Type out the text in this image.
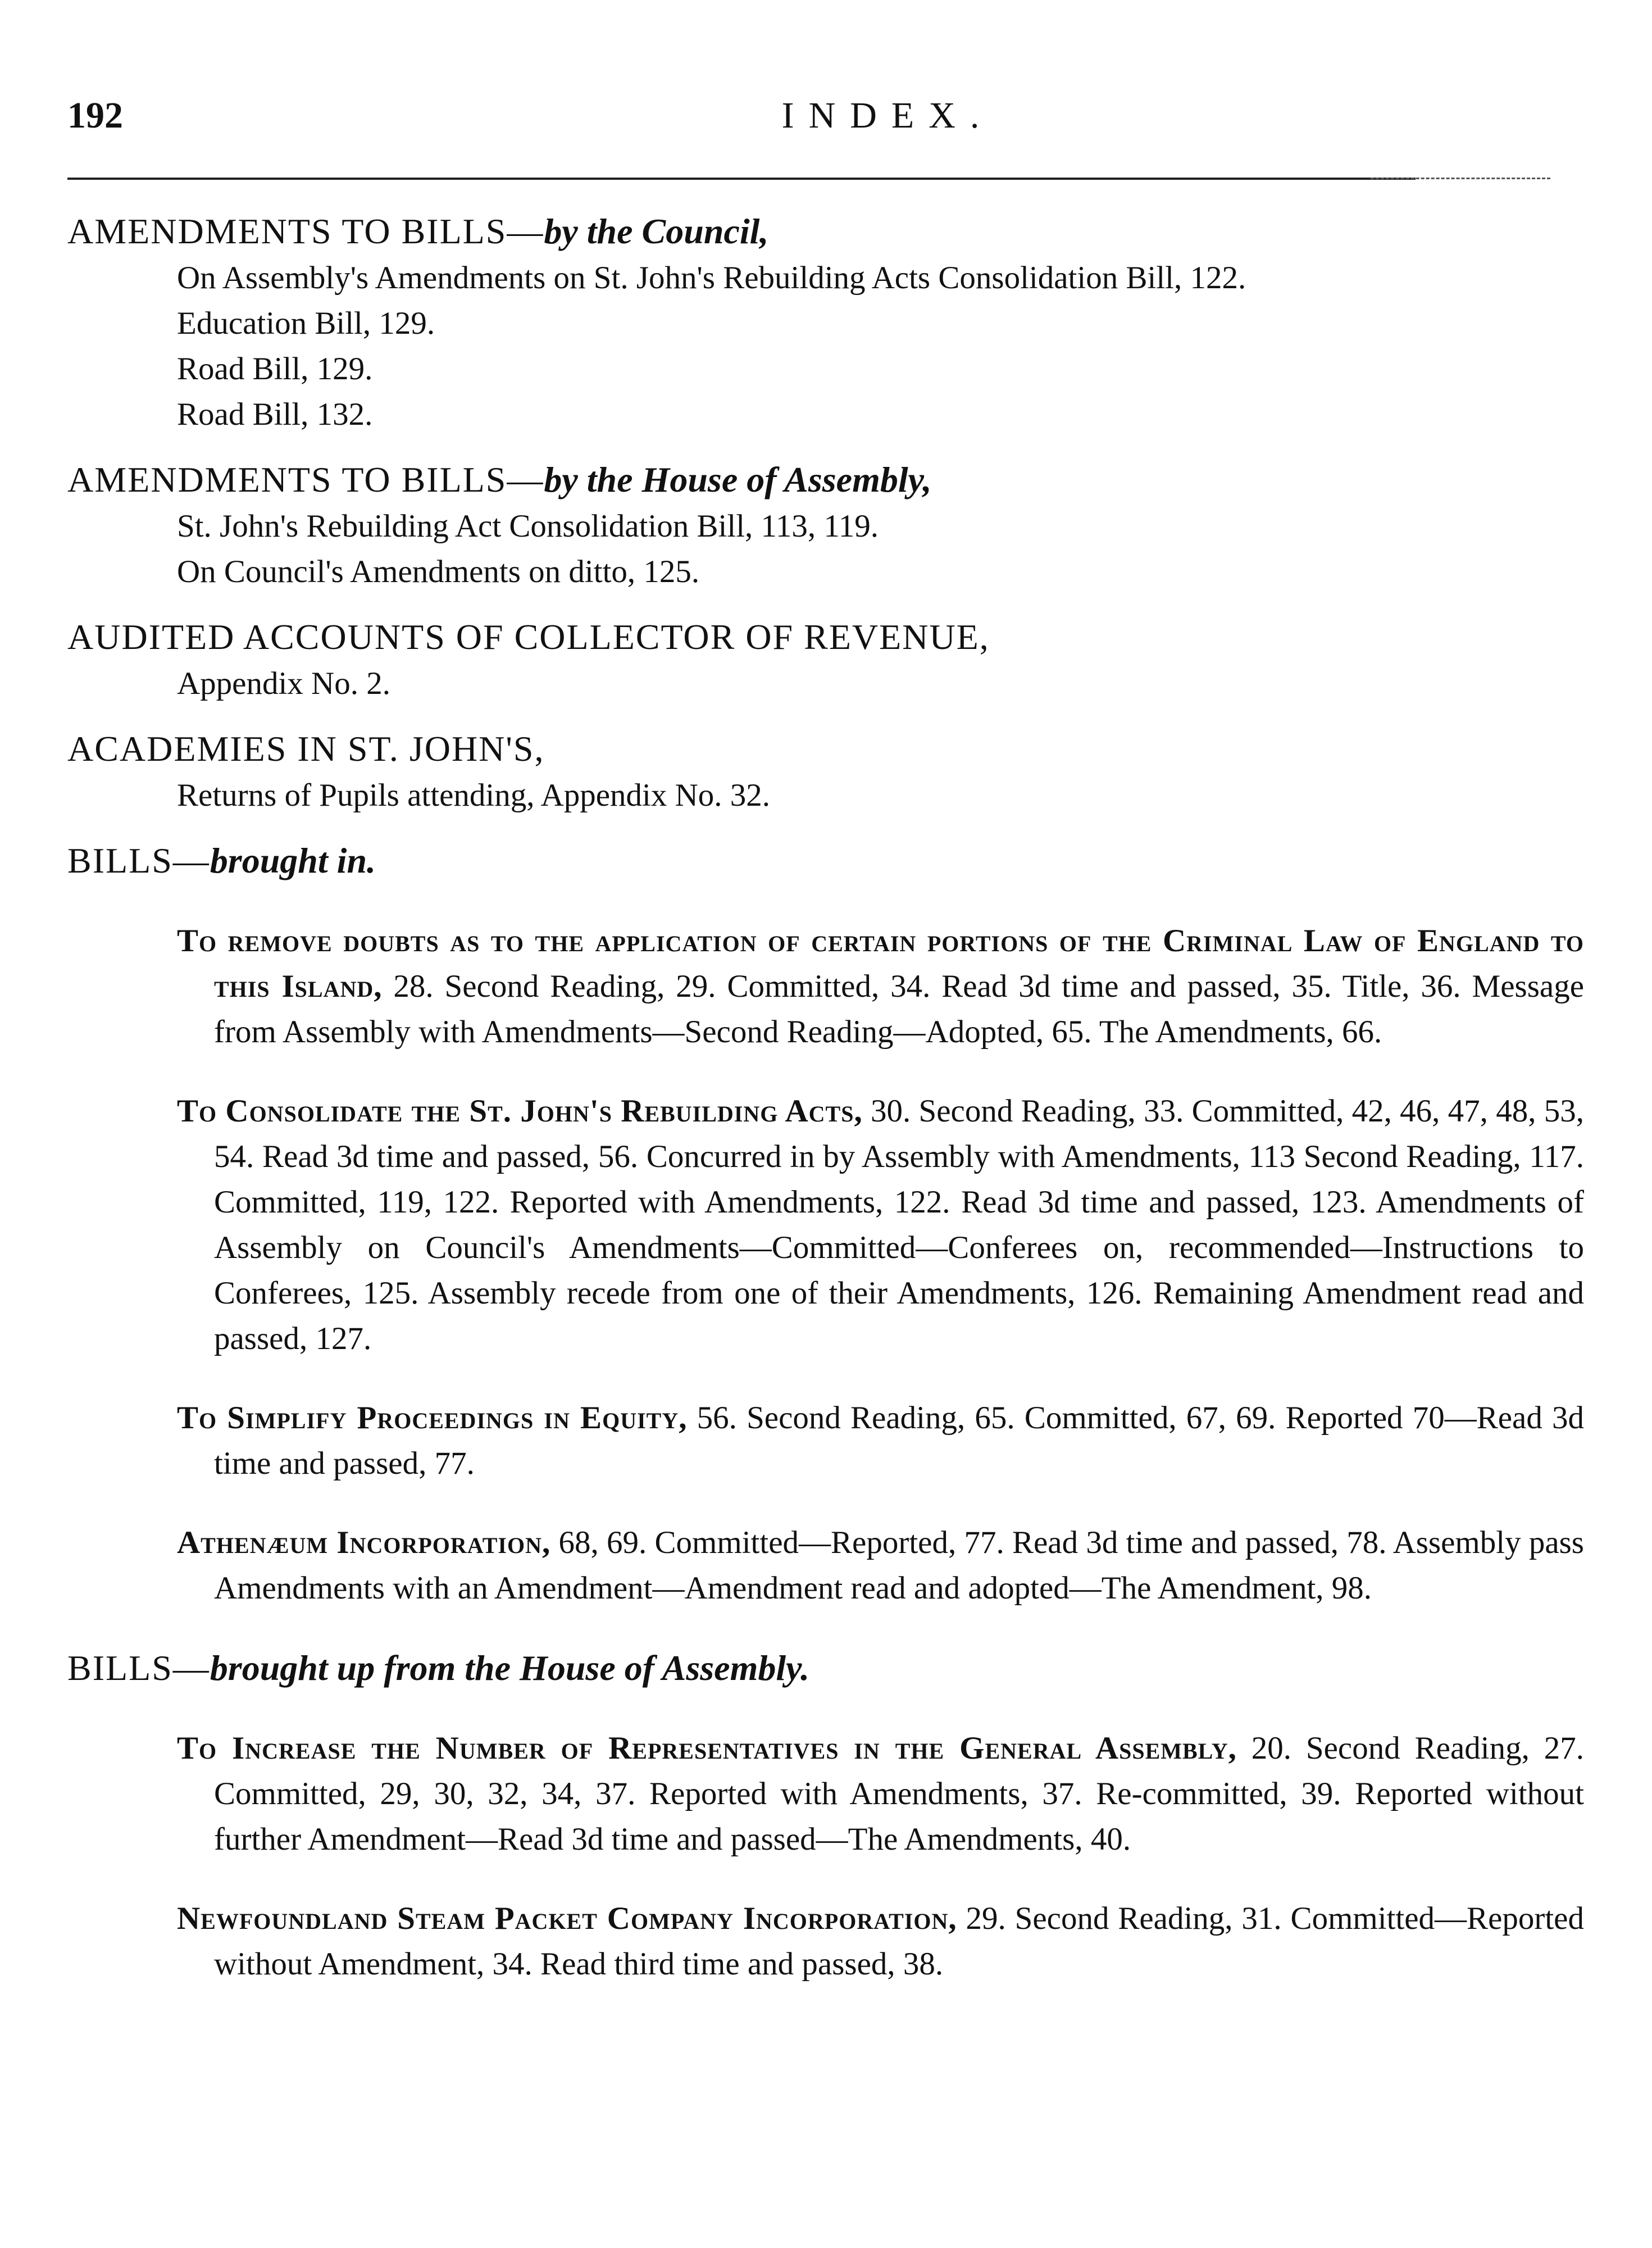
192	INDEX.
AMENDMENTS TO BILLS—by the Council,
On Assembly's Amendments on St. John's Rebuilding Acts Consolidation Bill, 122.
Education Bill, 129.
Road Bill, 129.
Road Bill, 132.
AMENDMENTS TO BILLS—by the House of Assembly,
St. John's Rebuilding Act Consolidation Bill, 113, 119.
On Council's Amendments on ditto, 125.
AUDITED ACCOUNTS OF COLLECTOR OF REVENUE,
Appendix No. 2.
ACADEMIES IN ST. JOHN'S,
Returns of Pupils attending, Appendix No. 32.
BILLS—brought in.
To remove doubts as to the application of certain portions of the Criminal Law of England to this Island, 28. Second Reading, 29. Committed, 34. Read 3d time and passed, 35. Title, 36. Message from Assembly with Amendments—Second Reading—Adopted, 65. The Amendments, 66.
To Consolidate the St. John's Rebuilding Acts, 30. Second Reading, 33. Committed, 42, 46, 47, 48, 53, 54. Read 3d time and passed, 56. Concurred in by Assembly with Amendments, 113 Second Reading, 117. Committed, 119, 122. Reported with Amendments, 122. Read 3d time and passed, 123. Amendments of Assembly on Council's Amendments—Committed—Conferees on, recommended—Instructions to Conferees, 125. Assembly recede from one of their Amendments, 126. Remaining Amendment read and passed, 127.
To Simplify Proceedings in Equity, 56. Second Reading, 65. Committed, 67, 69. Reported 70—Read 3d time and passed, 77.
Athenæum Incorporation, 68, 69. Committed—Reported, 77. Read 3d time and passed, 78. Assembly pass Amendments with an Amendment—Amendment read and adopted—The Amendment, 98.
BILLS—brought up from the House of Assembly.
To Increase the Number of Representatives in the General Assembly, 20. Second Reading, 27. Committed, 29, 30, 32, 34, 37. Reported with Amendments, 37. Re-committed, 39. Reported without further Amendment—Read 3d time and passed—The Amendments, 40.
Newfoundland Steam Packet Company Incorporation, 29. Second Reading, 31. Committed—Reported without Amendment, 34. Read third time and passed, 38.
